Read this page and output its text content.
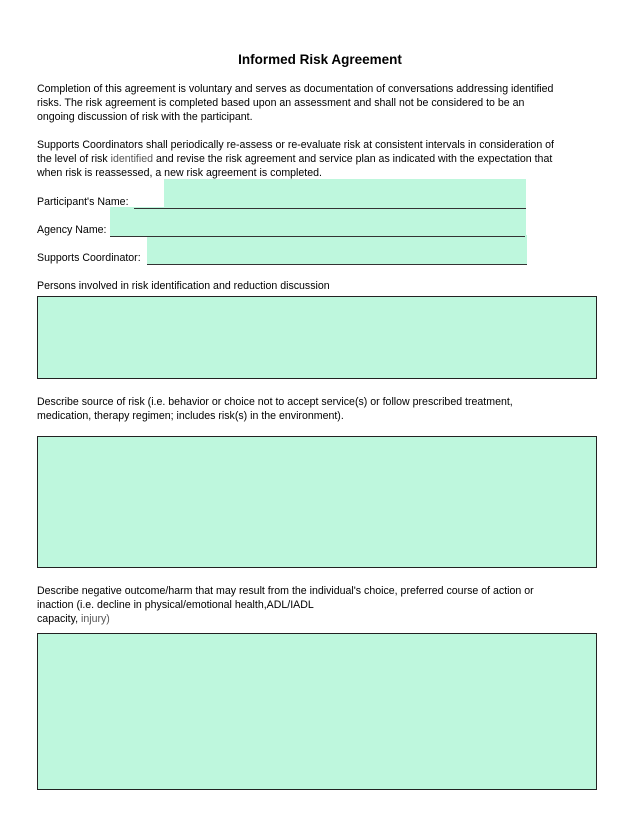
Informed Risk Agreement
Completion of this agreement is voluntary and serves as documentation of conversations addressing identified
risks. The risk agreement is completed based upon an assessment and shall not be considered to be an
ongoing discussion of risk with the participant.
Supports Coordinators shall periodically re-assess or re-evaluate risk at consistent intervals in consideration of
the level of risk identified and revise the risk agreement and service plan as indicated with the expectation that
when risk is reassessed, a new risk agreement is completed.
Participant's Name:
Agency Name:
Supports Coordinator:
Persons involved in risk identification and reduction discussion
Describe source of risk (i.e. behavior or choice not to accept service(s) or follow prescribed treatment,
medication, therapy regimen; includes risk(s) in the environment).
Describe negative outcome/harm that may result from the individual's choice, preferred course of action or
inaction (i.e. decline in physical/emotional health,ADL/IADL
capacity, injury)
